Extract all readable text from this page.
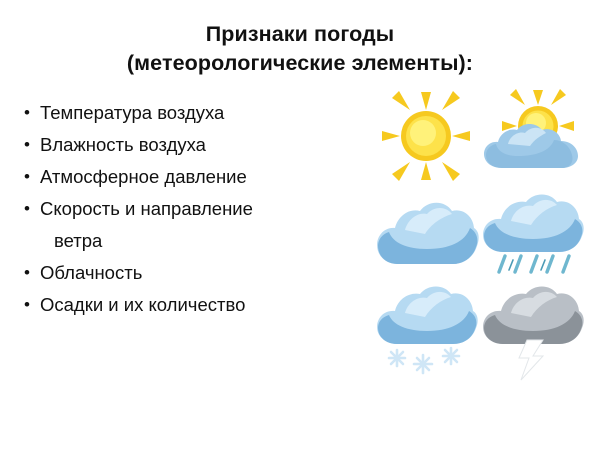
Признаки погоды
(метеорологические элементы):
• Температура воздуха
• Влажность воздуха
• Атмосферное давление
• Скорость и направление
ветра
• Облачность
• Осадки и их количество
